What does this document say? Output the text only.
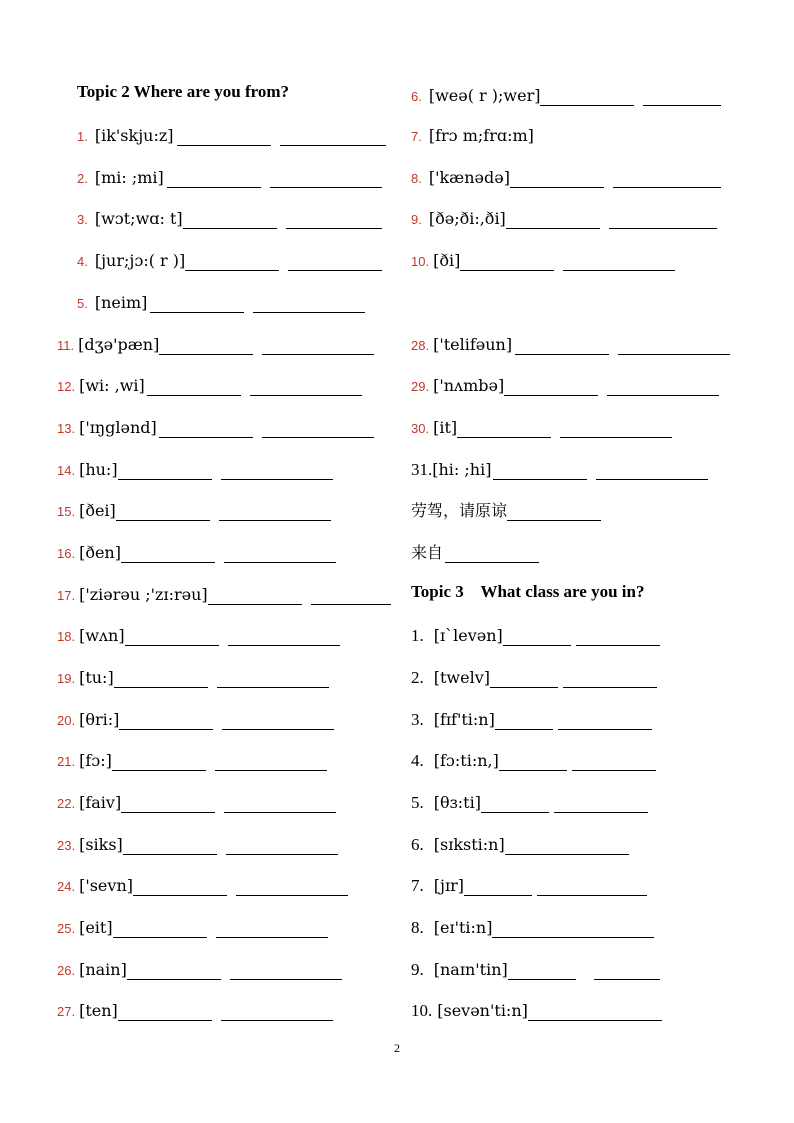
Topic 2 Where are you from?
1. [ik'skju:z]
2. [mi: ;mi]
3. [wɔt;wɑ: t]
4. [jur;jɔ:( r )]
5. [neim]
11. [dʒə'pæn]
12. [wi: ,wi]
13. ['ɪŋglənd]
14. [hu:]
15. [ðei]
16. [ðen]
17. ['ziərəu ;'zɪ:rəu]
18. [wʌn]
19. [tu:]
20. [θri:]
21. [fɔ:]
22. [faiv]
23. [siks]
24. ['sevn]
25. [eit]
26. [nain]
27. [ten]
6. [weə( r );wer]
7. [frɔ m;frɑ:m]
8. ['kænədə]
9. [ðə;ði:,ði]
10. [ði]
28. ['telifəun]
29. ['nʌmbə]
30. [it]
31. [hi: ;hi]
劳驾，请原谅
来自
Topic 3    What class are you in?
1. [ɪ`levən]
2. [twelv]
3. [fɪf'ti:n]
4. [fɔ:ti:n,]
5. [θɜ:ti]
6. [sɪksti:n]
7. [jɪr]
8. [eɪ'ti:n]
9. [naɪn'tin]
10. [sevən'ti:n]
2
